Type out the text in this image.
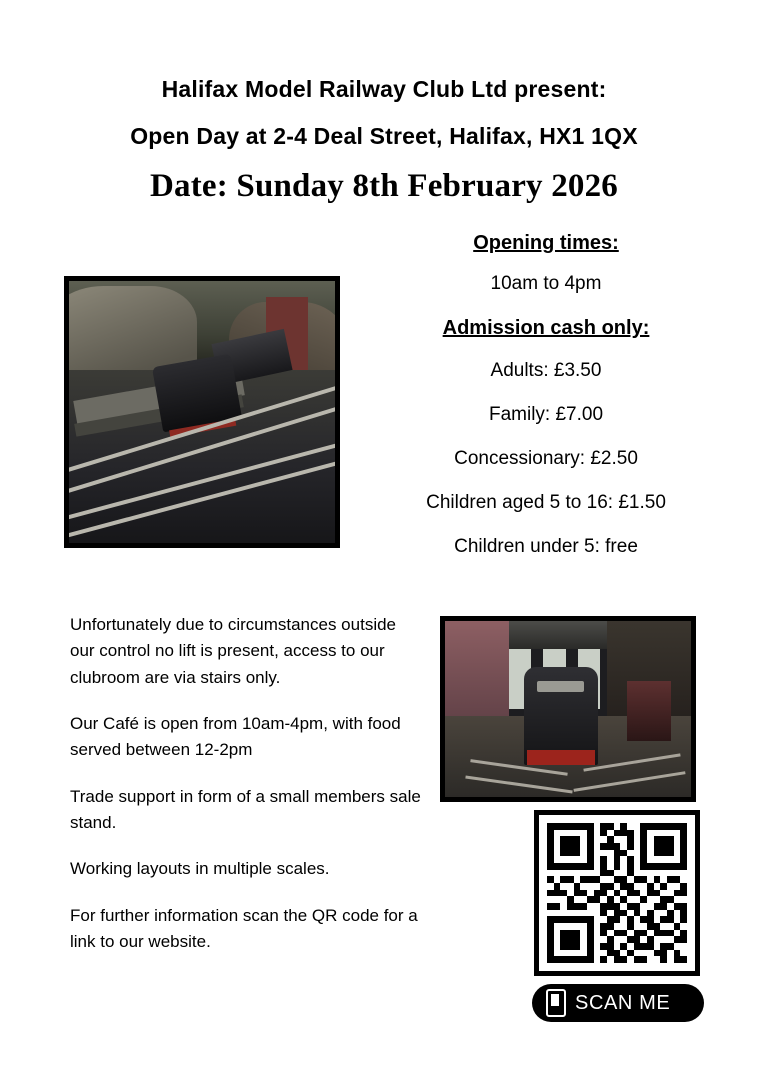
Halifax Model Railway Club Ltd present:
Open Day at 2-4 Deal Street, Halifax, HX1 1QX
Date: Sunday 8th February 2026
Opening times:
10am to 4pm
Admission cash only:
Adults: £3.50
Family: £7.00
Concessionary: £2.50
Children aged 5 to 16: £1.50
Children under 5: free

Unfortunately due to circumstances outside our control no lift is present, access to our clubroom are via stairs only.

Our Café is open from 10am-4pm, with food served between 12-2pm

Trade support in form of a small members sale stand.

Working layouts in multiple scales.

For further information scan the QR code for a link to our website.

SCAN ME
